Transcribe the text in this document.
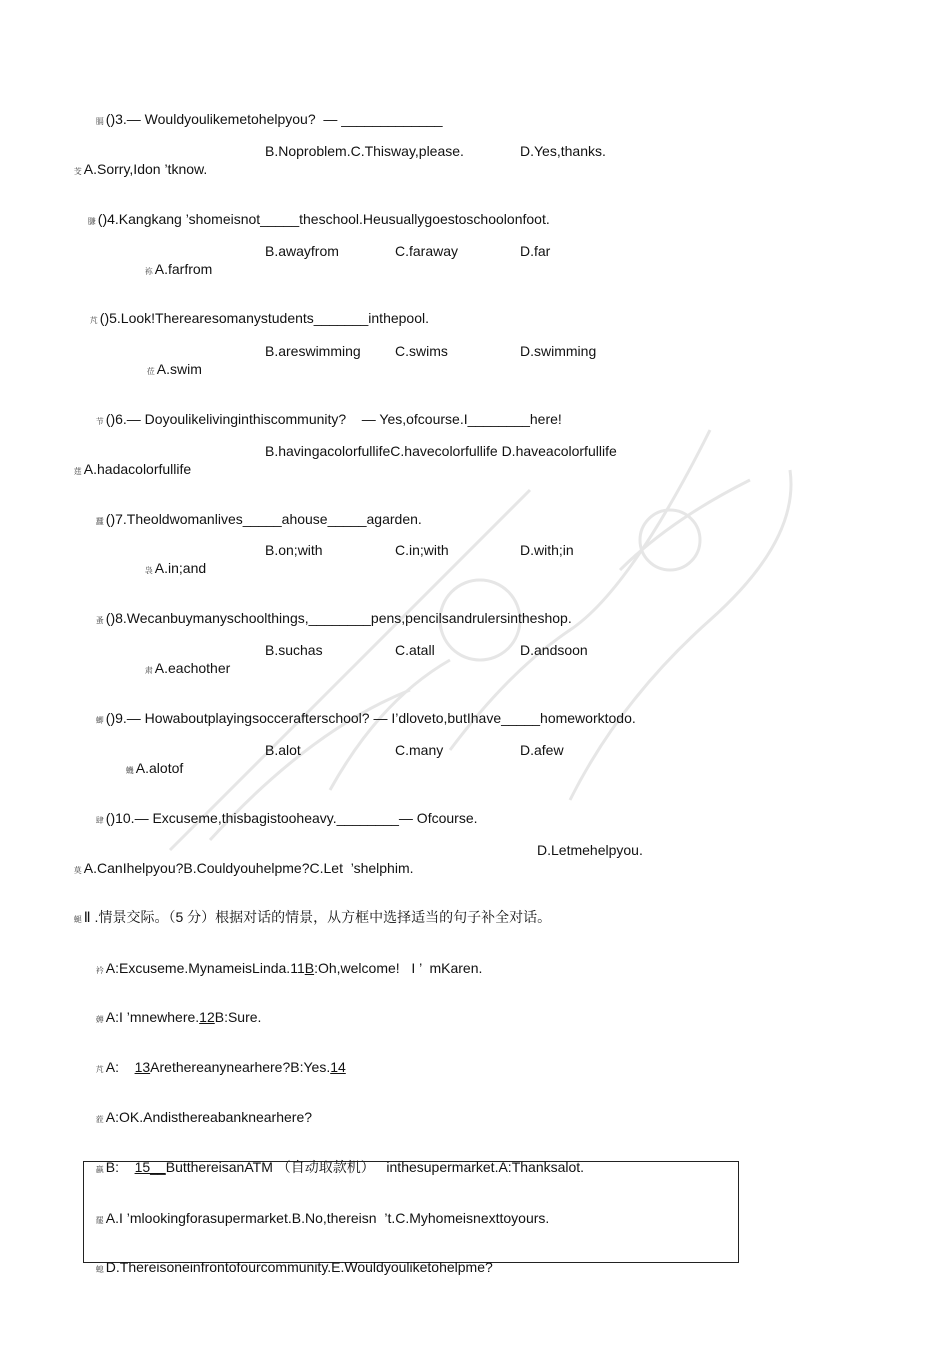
膈 ()3.— Wouldyoulikemetohelpyou?  — _____________

芠 A.Sorry,Idon ’tknow.

B.Noproblem.C.Thisway,please.	D.Yes,thanks.

膁 ()4.Kangkang ’shomeisnot_____theschool.Heusuallygoestoschoolonfoot.

袮 A.farfrom

B.awayfrom	C.faraway	D.far

芃 ()5.Look!Therearesomanystudents_______inthepool.

莅 A.swim

B.areswimming C.swims	D.swimming

节 ()6.— Doyoulikelivinginthiscommunity?    — Yes,ofcourse.I________here!

莛 A.hadacolorfullife

B.havingacolorfullifeC.havecolorfullife D.haveacolorfullife

蠶 ()7.Theoldwomanlives_____ahouse_____agarden.

袅 A.in;and

B.on;with	C.in;with	D.with;in

蚤 ()8.Wecanbuymanyschoolthings,________pens,pencilsandrulersintheshop.

肃 A.eachother

B.suchas	C.atall	D.andsoon

蝍 ()9.— Howaboutplayingsoccerafterschool? — I’dloveto,butIhave_____homeworktodo.

蟣 A.alotof

B.alot	C.many	D.afew

肆 ()10.— Excuseme,thisbagistooheavy.________— Ofcourse.

莫 A.CanIhelpyou?B.Couldyouhelpme?C.Let  ’shelphim.

D.Letmehelpyou.

螁 Ⅱ .情景交际。（5 分）根据对话的情景，从方框中选择适当的句子补全对话。

衿 A:Excuseme.MynameisLinda.11B:Oh,welcome!   I ’  mKaren.

薅 A:I ’mnewhere.12B:Sure.

芃 A:    13Arethereanynearhere?B:Yes.14

蒞 A:OK.Andisthereabanknearhere?

蠃 B:    15__ButthereisanATM （自动取款机）   inthesupermarket.A:Thanksalot.

罷 A.I ’mlookingforasupermarket.B.No,thereisn  ’t.C.Myhomeisnexttoyours.

螅 D.Thereisoneinfrontofourcommunity.E.Wouldyouliketohelpme?
